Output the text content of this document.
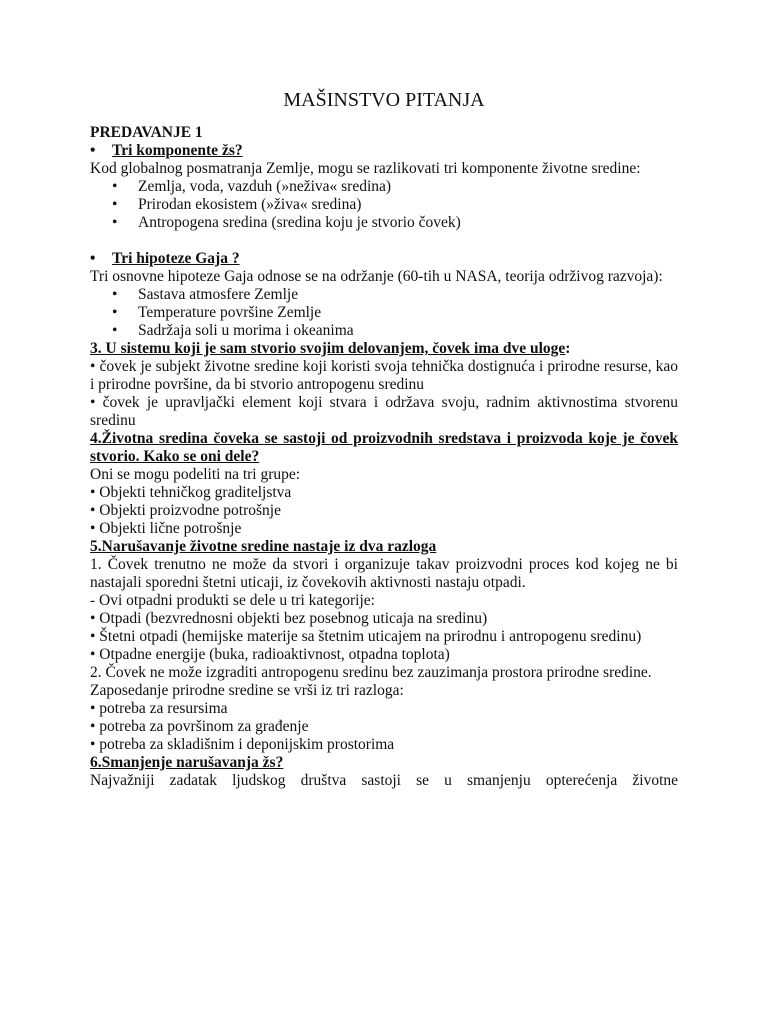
MAŠINSTVO PITANJA

PREDAVANJE 1

•	Tri komponente žs?

Kod globalnog posmatranja Zemlje, mogu se razlikovati tri komponente životne sredine:

•	Zemlja, voda, vazduh (»neživa« sredina)
•	Prirodan ekosistem (»živa« sredina)
•	Antropogena sredina (sredina koju je stvorio čovek)
•	Tri hipoteze Gaja ?

Tri osnovne hipoteze Gaja odnose se na održanje (60-tih u NASA, teorija održivog razvoja):

•	Sastava atmosfere Zemlje
•	Temperature površine Zemlje
•	Sadržaja soli u morima i okeanima

3. U sistemu koji je sam stvorio svojim delovanjem, čovek ima dve uloge:

• čovek je subjekt životne sredine koji koristi svoja tehnička dostignuća i prirodne resurse, kao i prirodne površine, da bi stvorio antropogenu sredinu

• čovek je upravljački element koji stvara i održava svoju, radnim aktivnostima stvorenu sredinu

4.Životna sredina čoveka se sastoji od proizvodnih sredstava i proizvoda koje je čovek stvorio. Kako se oni dele?

Oni se mogu podeliti na tri grupe:

• Objekti tehničkog graditeljstva

• Objekti proizvodne potrošnje

• Objekti lične potrošnje

5.Narušavanje životne sredine nastaje iz dva razloga

1. Čovek trenutno ne može da stvori i organizuje takav proizvodni proces kod kojeg ne bi nastajali sporedni štetni uticaji, iz čovekovih aktivnosti nastaju otpadi.

- Ovi otpadni produkti se dele u tri kategorije:

• Otpadi (bezvrednosni objekti bez posebnog uticaja na sredinu)

• Štetni otpadi (hemijske materije sa štetnim uticajem na prirodnu i antropogenu sredinu)

• Otpadne energije (buka, radioaktivnost, otpadna toplota)

2. Čovek ne može izgraditi antropogenu sredinu bez zauzimanja prostora prirodne sredine.

Zaposedanje prirodne sredine se vrši iz tri razloga:

• potreba za resursima

• potreba za površinom za građenje

• potreba za skladišnim i deponijskim prostorima

6.Smanjenje narušavanja žs?

Najvažniji zadatak ljudskog društva sastoji se u smanjenju opterećenja životne
